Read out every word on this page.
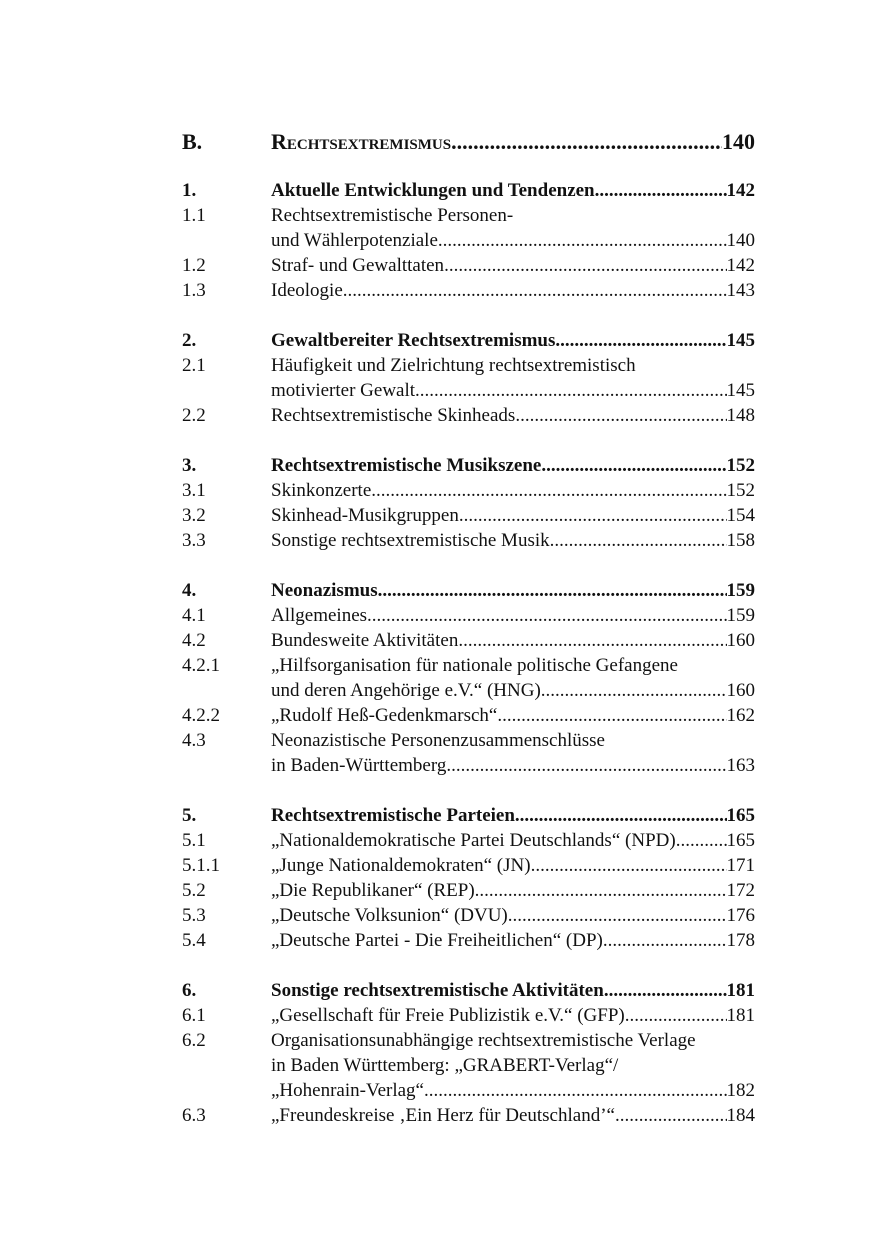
B.	Rechtsextremismus .....	140
1.	Aktuelle Entwicklungen und Tendenzen .....	142
1.1	Rechtsextremistische Personen-
und Wählerpotenziale .....	140
1.2	Straf- und Gewalttaten .....	142
1.3	Ideologie .....	143
2.	Gewaltbereiter Rechtsextremismus .....	145
2.1	Häufigkeit und Zielrichtung rechtsextremistisch
motivierter Gewalt .....	145
2.2	Rechtsextremistische Skinheads .....	148
3.	Rechtsextremistische Musikszene .....	152
3.1	Skinkonzerte .....	152
3.2	Skinhead-Musikgruppen .....	154
3.3	Sonstige rechtsextremistische Musik .....	158
4.	Neonazismus .....	159
4.1	Allgemeines .....	159
4.2	Bundesweite Aktivitäten .....	160
4.2.1	„Hilfsorganisation für nationale politische Gefangene
und deren Angehörige e.V.“ (HNG) .....	160
4.2.2	„Rudolf Heß-Gedenkmarsch“ .....	162
4.3	Neonazistische Personenzusammenschlüsse
in Baden-Württemberg .....	163
5.	Rechtsextremistische Parteien .....	165
5.1	„Nationaldemokratische Partei Deutschlands“ (NPD) .....	165
5.1.1	„Junge Nationaldemokraten“ (JN) .....	171
5.2	„Die Republikaner“ (REP) .....	172
5.3	„Deutsche Volksunion“ (DVU) .....	176
5.4	„Deutsche Partei - Die Freiheitlichen“ (DP) .....	178
6.	Sonstige rechtsextremistische Aktivitäten .....	181
6.1	„Gesellschaft für Freie Publizistik e.V.“ (GFP) .....	181
6.2	Organisationsunabhängige rechtsextremistische Verlage
in Baden Württemberg: „GRABERT-Verlag“/
„Hohenrain-Verlag“ .....	182
6.3	„Freundeskreise ‚Ein Herz für Deutschland’“ .....	184
